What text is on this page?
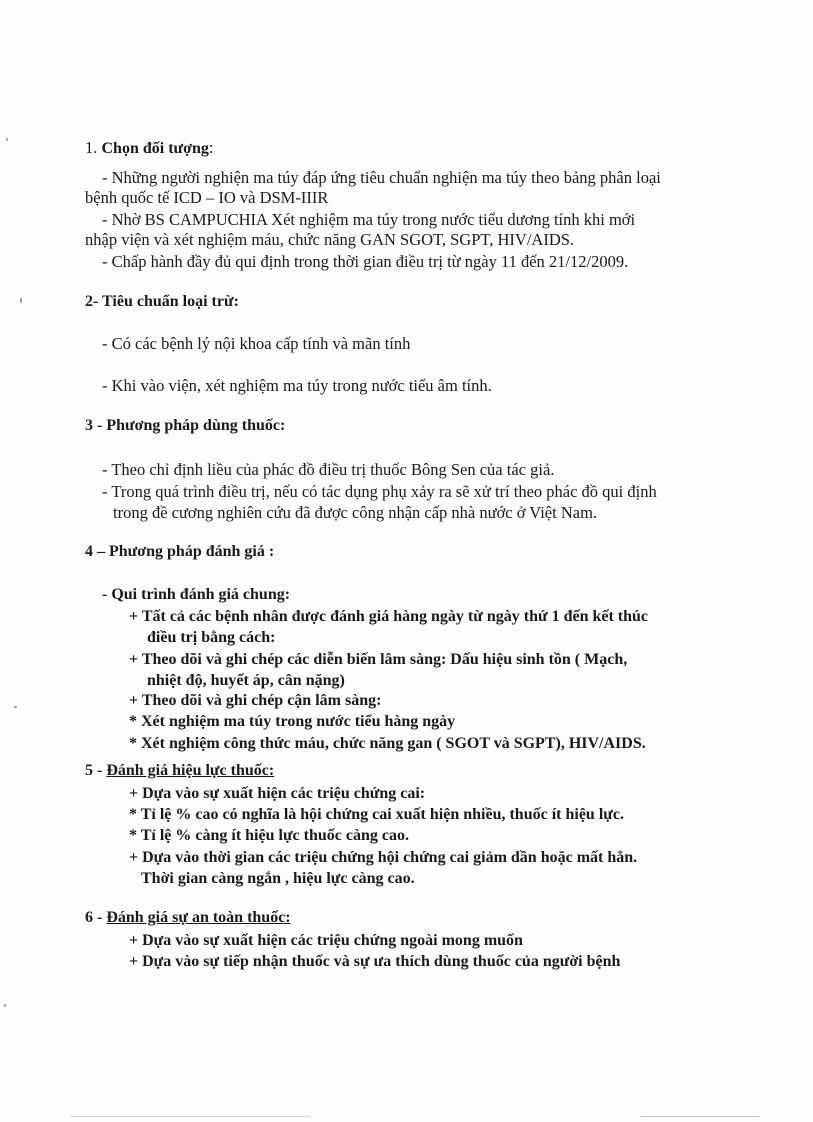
1. Chọn đối tượng:
- Những người nghiện ma túy đáp ứng tiêu chuẩn nghiện ma túy theo bảng phân loại
bệnh quốc tế ICD – IO và DSM-IIIR
- Nhờ BS CAMPUCHIA Xét nghiệm ma túy trong nước tiểu dương tính khi mới
nhập viện và xét nghiệm máu, chức năng GAN SGOT, SGPT, HIV/AIDS.
- Chấp hành đầy đủ qui định trong thời gian điều trị từ ngày 11 đến 21/12/2009.
2- Tiêu chuẩn loại trừ:
- Có các bệnh lý nội khoa cấp tính và mãn tính
- Khi vào viện, xét nghiệm ma túy trong nước tiểu âm tính.
3 - Phương pháp dùng thuốc:
- Theo chỉ định liều của phác đồ điều trị thuốc Bông Sen của tác giả.
- Trong quá trình điều trị, nếu có tác dụng phụ xảy ra sẽ xử trí theo phác đồ qui định
trong đề cương nghiên cứu đã được công nhận cấp nhà nước ở Việt Nam.
4 – Phương pháp đánh giá :
- Qui trình đánh giá chung:
+ Tất cả các bệnh nhân được đánh giá hàng ngày từ ngày thứ 1 đến kết thúc
điều trị bằng cách:
+ Theo dõi và ghi chép các diễn biến lâm sàng: Dấu hiệu sinh tồn ( Mạch,
nhiệt độ, huyết áp, cân nặng)
+ Theo dõi và ghi chép cận lâm sàng:
* Xét nghiệm ma túy trong nước tiểu hàng ngày
* Xét nghiệm công thức máu, chức năng gan ( SGOT và SGPT), HIV/AIDS.
5 - Đánh giá hiệu lực thuốc:
+ Dựa vào sự xuất hiện các triệu chứng cai:
* Tỉ lệ % cao có nghĩa là hội chứng cai xuất hiện nhiều, thuốc ít hiệu lực.
* Tỉ lệ % càng ít hiệu lực thuốc càng cao.
+ Dựa vào thời gian các triệu chứng hội chứng cai giảm dần hoặc mất hẳn.
Thời gian càng ngắn , hiệu lực càng cao.
6 - Đánh giá sự an toàn thuốc:
+ Dựa vào sự xuất hiện các triệu chứng ngoài mong muốn
+ Dựa vào sự tiếp nhận thuốc và sự ưa thích dùng thuốc của người bệnh
